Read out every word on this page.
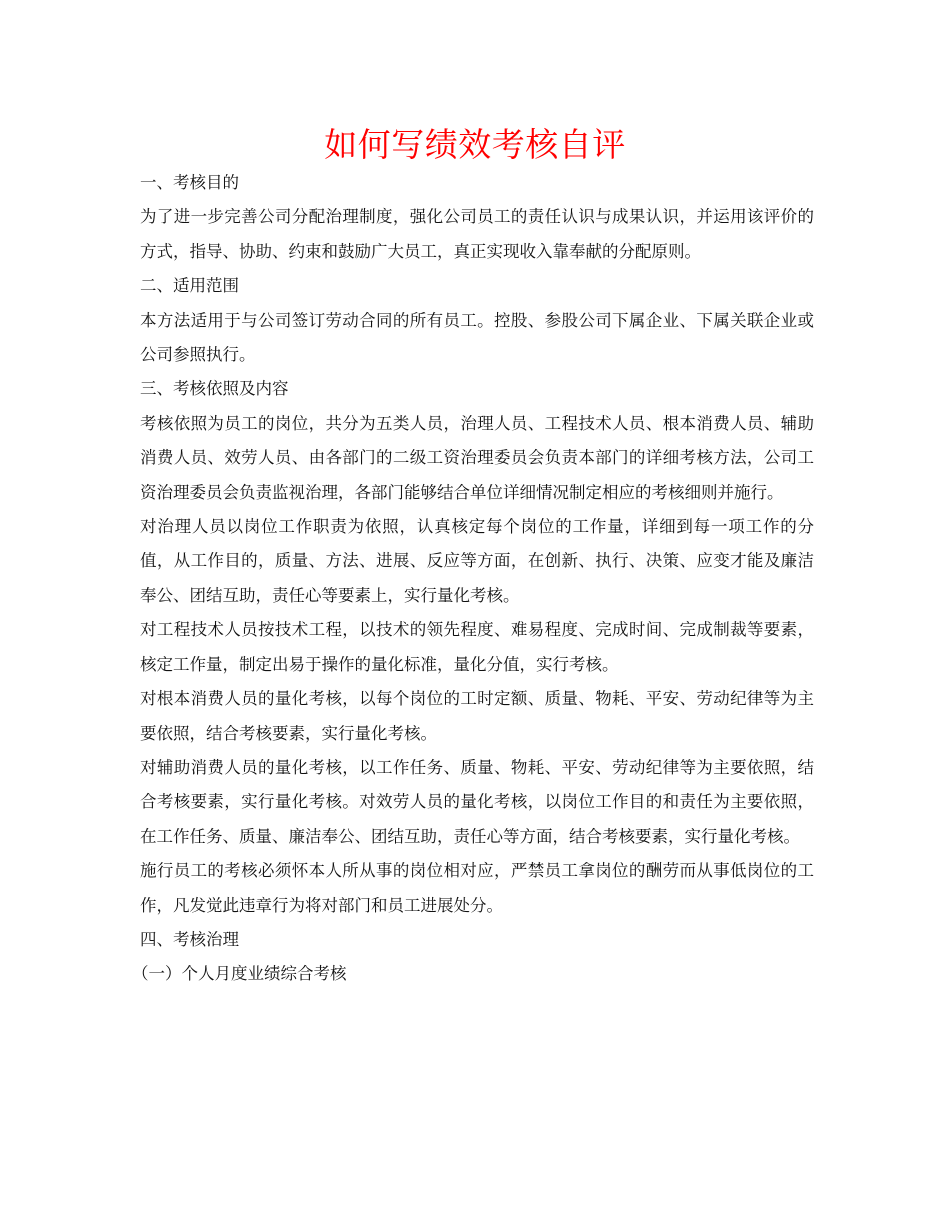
如何写绩效考核自评

一、考核目的

为了进一步完善公司分配治理制度，强化公司员工的责任认识与成果认识，并运用该评价的方式，指导、协助、约束和鼓励广大员工，真正实现收入靠奉献的分配原则。

二、适用范围

本方法适用于与公司签订劳动合同的所有员工。控股、参股公司下属企业、下属关联企业或公司参照执行。

三、考核依照及内容

考核依照为员工的岗位，共分为五类人员，治理人员、工程技术人员、根本消费人员、辅助消费人员、效劳人员、由各部门的二级工资治理委员会负责本部门的详细考核方法，公司工资治理委员会负责监视治理，各部门能够结合单位详细情况制定相应的考核细则并施行。

对治理人员以岗位工作职责为依照，认真核定每个岗位的工作量，详细到每一项工作的分值，从工作目的，质量、方法、进展、反应等方面，在创新、执行、决策、应变才能及廉洁奉公、团结互助，责任心等要素上，实行量化考核。

对工程技术人员按技术工程，以技术的领先程度、难易程度、完成时间、完成制裁等要素，核定工作量，制定出易于操作的量化标准，量化分值，实行考核。

对根本消费人员的量化考核，以每个岗位的工时定额、质量、物耗、平安、劳动纪律等为主要依照，结合考核要素，实行量化考核。

对辅助消费人员的量化考核，以工作任务、质量、物耗、平安、劳动纪律等为主要依照，结合考核要素，实行量化考核。对效劳人员的量化考核，以岗位工作目的和责任为主要依照，在工作任务、质量、廉洁奉公、团结互助，责任心等方面，结合考核要素，实行量化考核。

施行员工的考核必须怀本人所从事的岗位相对应，严禁员工拿岗位的酬劳而从事低岗位的工作，凡发觉此违章行为将对部门和员工进展处分。

四、考核治理

（一）个人月度业绩综合考核
